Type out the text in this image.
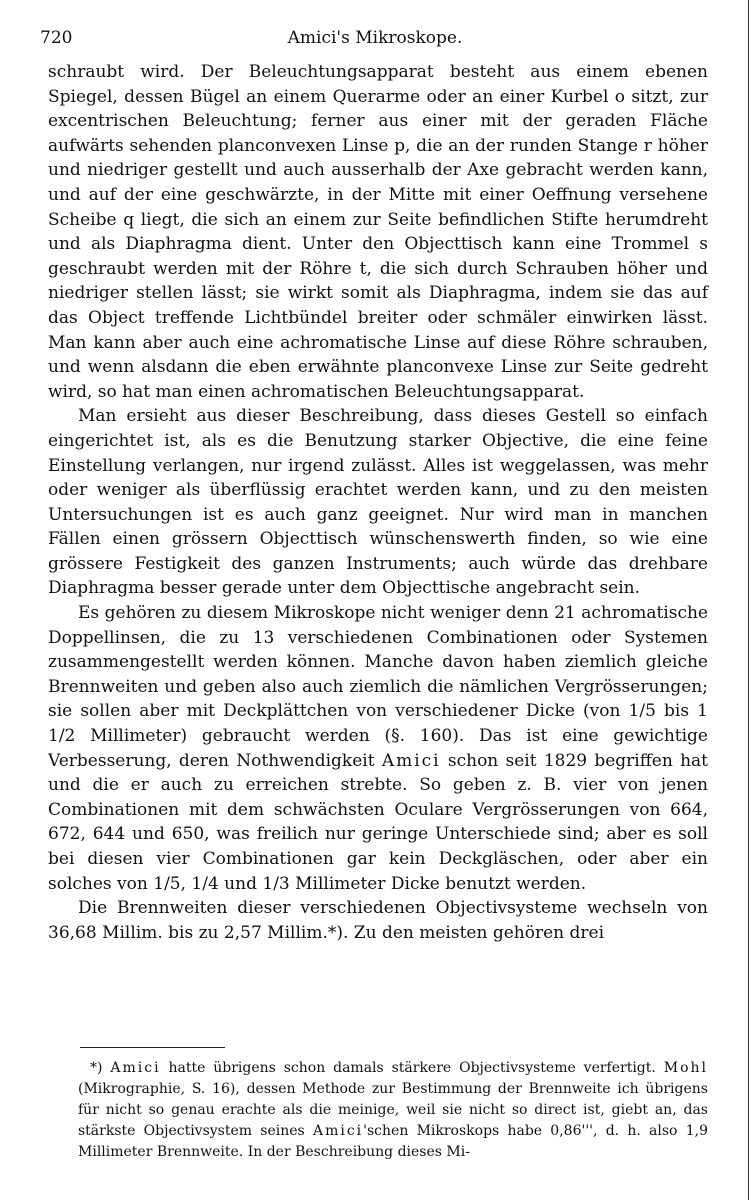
720	Amici's Mikroskope.

schraubt wird. Der Beleuchtungsapparat besteht aus einem ebenen Spiegel, dessen Bügel an einem Querarme oder an einer Kurbel o sitzt, zur excentrischen Beleuchtung; ferner aus einer mit der geraden Fläche aufwärts sehenden planconvexen Linse p, die an der runden Stange r höher und niedriger gestellt und auch ausserhalb der Axe gebracht werden kann, und auf der eine geschwärzte, in der Mitte mit einer Oeffnung versehene Scheibe q liegt, die sich an einem zur Seite befindlichen Stifte herumdreht und als Diaphragma dient. Unter den Objecttisch kann eine Trommel s geschraubt werden mit der Röhre t, die sich durch Schrauben höher und niedriger stellen lässt; sie wirkt somit als Diaphragma, indem sie das auf das Object treffende Lichtbündel breiter oder schmäler einwirken lässt. Man kann aber auch eine achromatische Linse auf diese Röhre schrauben, und wenn alsdann die eben erwähnte planconvexe Linse zur Seite gedreht wird, so hat man einen achromatischen Beleuchtungsapparat.

Man ersieht aus dieser Beschreibung, dass dieses Gestell so einfach eingerichtet ist, als es die Benutzung starker Objective, die eine feine Einstellung verlangen, nur irgend zulässt. Alles ist weggelassen, was mehr oder weniger als überflüssig erachtet werden kann, und zu den meisten Untersuchungen ist es auch ganz geeignet. Nur wird man in manchen Fällen einen grössern Objecttisch wünschenswerth finden, so wie eine grössere Festigkeit des ganzen Instruments; auch würde das drehbare Diaphragma besser gerade unter dem Objecttische angebracht sein.

Es gehören zu diesem Mikroskope nicht weniger denn 21 achromatische Doppellinsen, die zu 13 verschiedenen Combinationen oder Systemen zusammengestellt werden können. Manche davon haben ziemlich gleiche Brennweiten und geben also auch ziemlich die nämlichen Vergrösserungen; sie sollen aber mit Deckplättchen von verschiedener Dicke (von 1/5 bis 1 1/2 Millimeter) gebraucht werden (§. 160). Das ist eine gewichtige Verbesserung, deren Nothwendigkeit Amici schon seit 1829 begriffen hat und die er auch zu erreichen strebte. So geben z. B. vier von jenen Combinationen mit dem schwächsten Oculare Vergrösserungen von 664, 672, 644 und 650, was freilich nur geringe Unterschiede sind; aber es soll bei diesen vier Combinationen gar kein Deckgläschen, oder aber ein solches von 1/5, 1/4 und 1/3 Millimeter Dicke benutzt werden.

Die Brennweiten dieser verschiedenen Objectivsysteme wechseln von 36,68 Millim. bis zu 2,57 Millim.*). Zu den meisten gehören drei

*) Amici hatte übrigens schon damals stärkere Objectivsysteme verfertigt. Mohl (Mikrographie, S. 16), dessen Methode zur Bestimmung der Brennweite ich übrigens für nicht so genau erachte als die meinige, weil sie nicht so direct ist, giebt an, das stärkste Objectivsystem seines Amici'schen Mikroskops habe 0,86''', d. h. also 1,9 Millimeter Brennweite. In der Beschreibung dieses Mi-
